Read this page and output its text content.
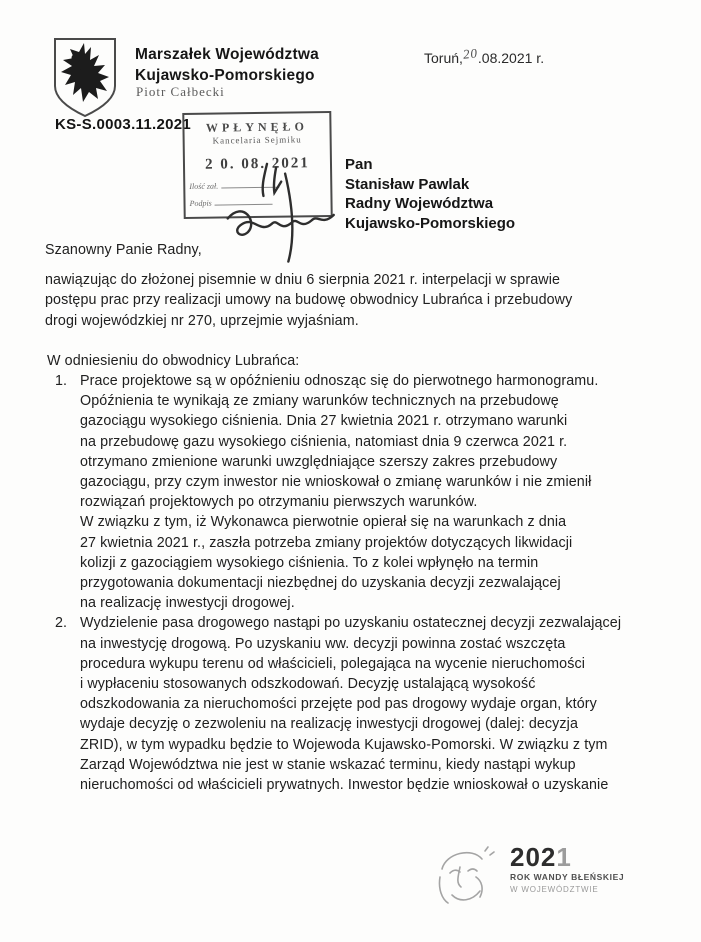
Marszałek Województwa
Kujawsko-Pomorskiego
Piotr Całbecki
Toruń,20.08.2021 r.
KS-S.0003.11.2021	WPŁYNĘŁO
Kancelaria Sejmiku
2 0. 08. 2021
Ilość zał.
Podpis
Pan
Stanisław Pawlak
Radny Województwa
Kujawsko-Pomorskiego
Szanowny Panie Radny,
nawiązując do złożonej pisemnie w dniu 6 sierpnia 2021 r. interpelacji w sprawie
postępu prac przy realizacji umowy na budowę obwodnicy Lubrańca i przebudowy
drogi wojewódzkiej nr 270, uprzejmie wyjaśniam.
W odniesieniu do obwodnicy Lubrańca:
1. Prace projektowe są w opóźnieniu odnosząc się do pierwotnego harmonogramu.
Opóźnienia te wynikają ze zmiany warunków technicznych na przebudowę
gazociągu wysokiego ciśnienia. Dnia 27 kwietnia 2021 r. otrzymano warunki
na przebudowę gazu wysokiego ciśnienia, natomiast dnia 9 czerwca 2021 r.
otrzymano zmienione warunki uwzględniające szerszy zakres przebudowy
gazociągu, przy czym inwestor nie wnioskował o zmianę warunków i nie zmienił
rozwiązań projektowych po otrzymaniu pierwszych warunków.
W związku z tym, iż Wykonawca pierwotnie opierał się na warunkach z dnia
27 kwietnia 2021 r., zaszła potrzeba zmiany projektów dotyczących likwidacji
kolizji z gazociągiem wysokiego ciśnienia. To z kolei wpłynęło na termin
przygotowania dokumentacji niezbędnej do uzyskania decyzji zezwalającej
na realizację inwestycji drogowej.
2. Wydzielenie pasa drogowego nastąpi po uzyskaniu ostatecznej decyzji zezwalającej
na inwestycję drogową. Po uzyskaniu ww. decyzji powinna zostać wszczęta
procedura wykupu terenu od właścicieli, polegająca na wycenie nieruchomości
i wypłaceniu stosowanych odszkodowań. Decyzję ustalającą wysokość
odszkodowania za nieruchomości przejęte pod pas drogowy wydaje organ, który
wydaje decyzję o zezwoleniu na realizację inwestycji drogowej (dalej: decyzja
ZRID), w tym wypadku będzie to Wojewoda Kujawsko-Pomorski. W związku z tym
Zarząd Województwa nie jest w stanie wskazać terminu, kiedy nastąpi wykup
nieruchomości od właścicieli prywatnych. Inwestor będzie wnioskował o uzyskanie
2021
ROK WANDY BŁEŃSKIEJ
W WOJEWÓDZTWIE
